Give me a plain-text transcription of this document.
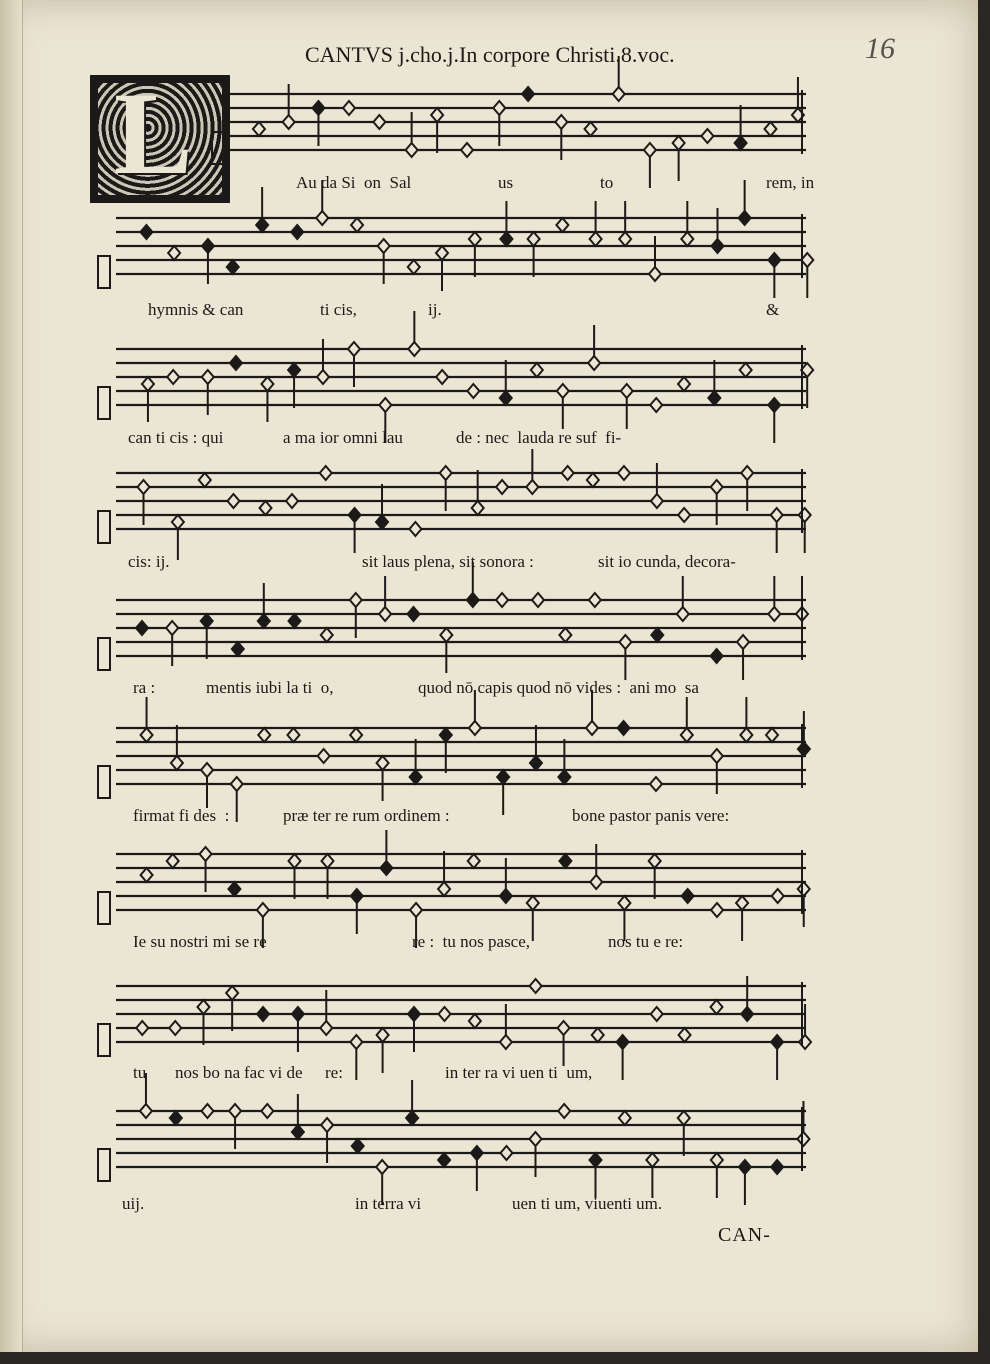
CANTVS j.cho.j.In corpore Christi.8.voc.	16
L	Au da Si  on  Sal	us	to	rem, in
hymnis & can	ti cis,	ij.	&
can ti cis : qui	a ma ior omni lau	de : nec  lauda re suf  fi-
cis: ij.	sit laus plena, sit sonora :	sit io cunda, decora-
ra :	mentis iubi la ti  o,	quod nō capis quod nō vides :  ani mo  sa
firmat fi des  :	præ ter re rum ordinem :	bone pastor panis vere:
Ie su nostri mi se re	re :  tu nos pasce,	nos tu e re:
tu nos bo na fac vi de re:	in ter ra vi uen ti  um,
uij.	in terra vi	uen ti um, viuenti um.
CAN-
